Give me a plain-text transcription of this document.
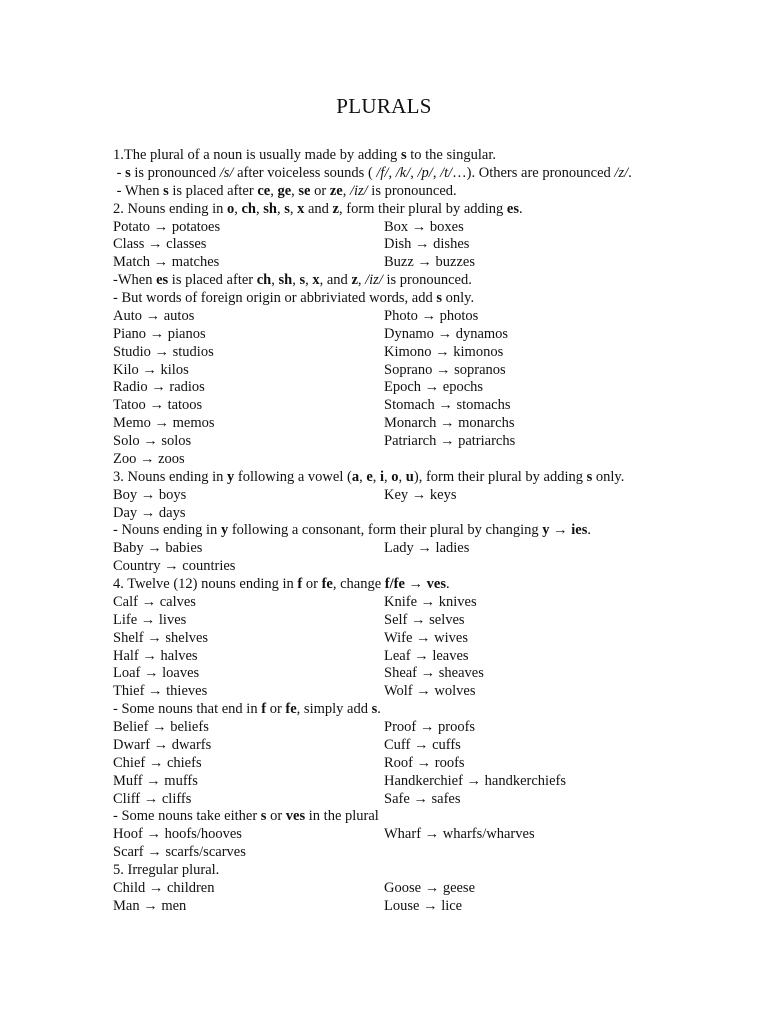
PLURALS
1.The plural of a noun is usually made by adding s to the singular.
- s is pronounced /s/ after voiceless sounds ( /f/, /k/, /p/, /t/…). Others are pronounced /z/.
- When s is placed after ce, ge, se or ze, /iz/ is pronounced.
2. Nouns ending in o, ch, sh, s, x and z, form their plural by adding es.
Potato → potatoes	Box → boxes
Class → classes	Dish → dishes
Match → matches	Buzz → buzzes
-When es is placed after ch, sh, s, x, and z, /iz/ is pronounced.
- But words of foreign origin or abbriviated words, add s only.
Auto → autos	Photo → photos
Piano → pianos	Dynamo → dynamos
Studio → studios	Kimono → kimonos
Kilo → kilos	Soprano → sopranos
Radio → radios	Epoch → epochs
Tatoo → tatoos	Stomach → stomachs
Memo → memos	Monarch → monarchs
Solo → solos	Patriarch → patriarchs
Zoo → zoos
3. Nouns ending in y following a vowel (a, e, i, o, u), form their plural by adding s only.
Boy → boys	Key → keys
Day → days
- Nouns ending in y following a consonant, form their plural by changing y → ies.
Baby → babies	Lady → ladies
Country → countries
4. Twelve (12) nouns ending in f or fe, change f/fe → ves.
Calf → calves	Knife → knives
Life → lives	Self → selves
Shelf → shelves	Wife → wives
Half → halves	Leaf → leaves
Loaf → loaves	Sheaf → sheaves
Thief → thieves	Wolf → wolves
- Some nouns that end in f or fe, simply add s.
Belief → beliefs	Proof → proofs
Dwarf → dwarfs	Cuff → cuffs
Chief → chiefs	Roof → roofs
Muff → muffs	Handkerchief → handkerchiefs
Cliff → cliffs	Safe → safes
- Some nouns take either s or ves in the plural
Hoof → hoofs/hooves	Wharf → wharfs/wharves
Scarf → scarfs/scarves
5. Irregular plural.
Child → children	Goose → geese
Man → men	Louse → lice
